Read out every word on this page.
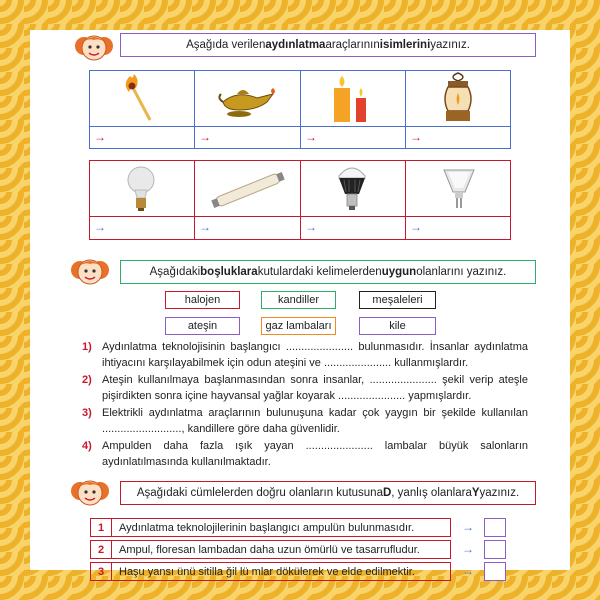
Aşağıda verilen aydınlatma araçlarının isimlerini yazınız.
→	→	→	→
→	→	→	→
Aşağıdaki boşluklara kutulardaki kelimelerden uygun olanlarını yazınız.
halojen	kandiller	meşaleleri
ateşin	gaz lambaları	kile
1) Aydınlatma teknolojisinin başlangıcı ...................... bulunmasıdır. İnsanlar aydınlatma ihtiyacını karşılayabilmek için odun ateşini ve ...................... kullanmışlardır.
2) Ateşin kullanılmaya başlanmasından sonra insanlar, ...................... şekil verip ateşle pişirdikten sonra içine hayvansal yağlar koyarak ...................... yapmışlardır.
3) Elektrikli aydınlatma araçlarının bulunuşuna kadar çok yaygın bir şekilde kullanılan .........................., kandillere göre daha güvenlidir.
4) Ampulden daha fazla ışık yayan ...................... lambalar büyük salonların aydınlatılmasında kullanılmaktadır.
Aşağıdaki cümlelerden doğru olanların kutusuna D , yanlış olanlara Y yazınız.
1	Aydınlatma teknolojilerinin başlangıcı ampulün bulunmasıdır.	→
2	Ampul, floresan lambadan daha uzun ömürlü ve tasarrufludur.	→
3	Haşu yansı ünü sitilla ğil lü mlar dökülerek ve elde edilmektir.	→
